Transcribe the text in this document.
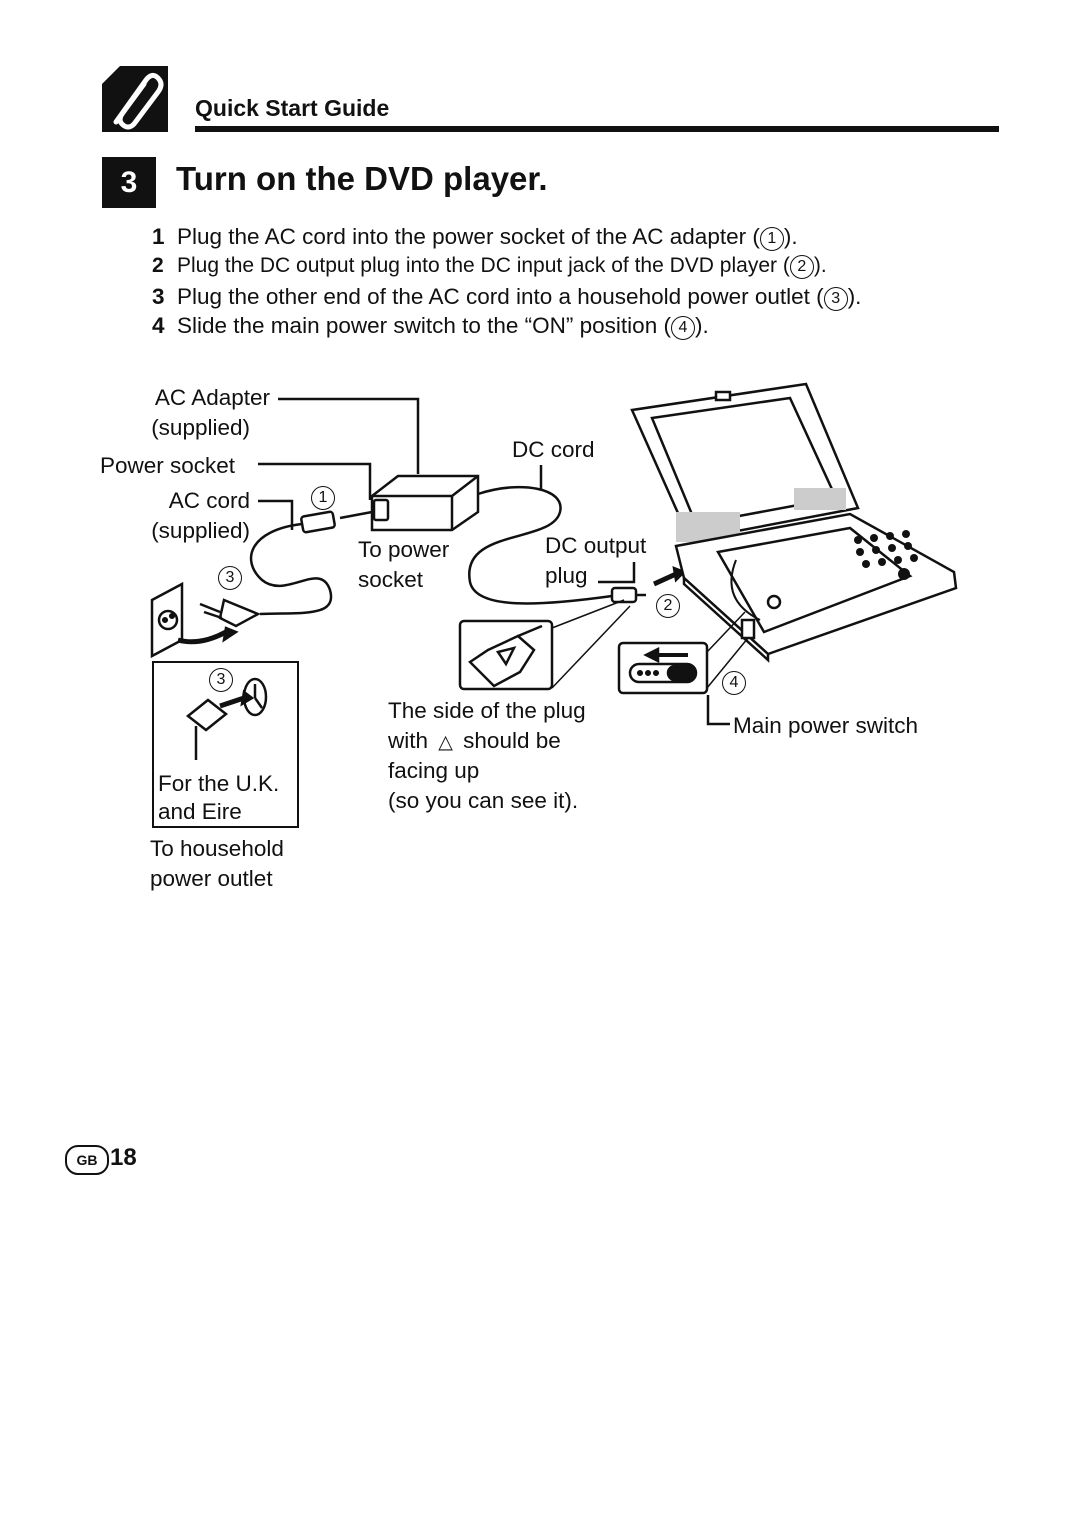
Quick Start Guide
3	Turn on the DVD player.
1 Plug the AC cord into the power socket of the AC adapter ( 1 ).
2 Plug the DC output plug into the DC input jack of the DVD player ( 2 ).
3 Plug the other end of the AC cord into a household power outlet ( 3 ).
4 Slide the main power switch to the “ON” position ( 4 ).
AC Adapter
(supplied)
Power socket
AC cord
(supplied)
DC cord
To power
socket
DC output
plug
The side of the plug
with △ should be
facing up
(so you can see it).
For the U.K.
and Eire
To household
power outlet
Main power switch
1
2
3
3	4
GB 18
